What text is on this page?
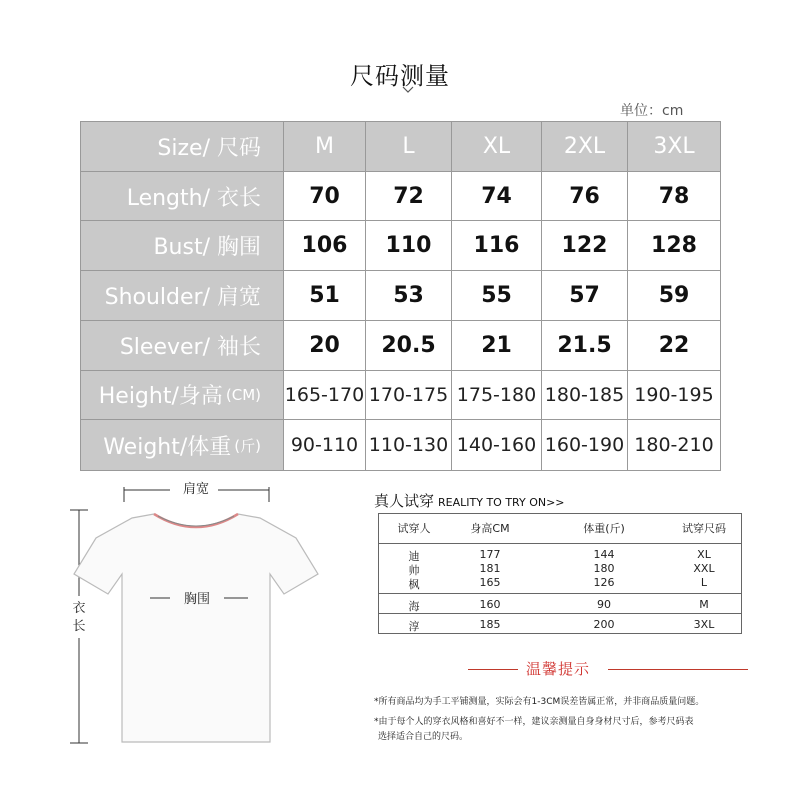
尺码测量
单位：cm
Size/ 尺码 M	L	XL 2XL 3XL
Length/ 衣长 70 72	74	76	78
Bust/ 胸围 106 110 116 122 128
Shoulder/ 肩宽 51 53	55	57	59
Sleever/ 袖长 20 20.5 21 21.5 22
Height/身高 (CM) 165-170 170-175 175-180 180-185 190-195
Weight/体重 (斤) 90-110 110-130 140-160 160-190 180-210
肩宽
衣
长
胸围
真人试穿 REALITY TO TRY ON>>
试穿人	身高CM	体重(斤)	试穿尺码
迪	177	144	XL
帅	181	180	XXL
枫	165	126	L
海	160	90	M
淳	185	200	3XL
温馨提示
*所有商品均为手工平铺测量，实际会有1-3CM误差皆属正常，并非商品质量问题。
*由于每个人的穿衣风格和喜好不一样，建议亲测量自身身材尺寸后，参考尺码表
选择适合自己的尺码。
